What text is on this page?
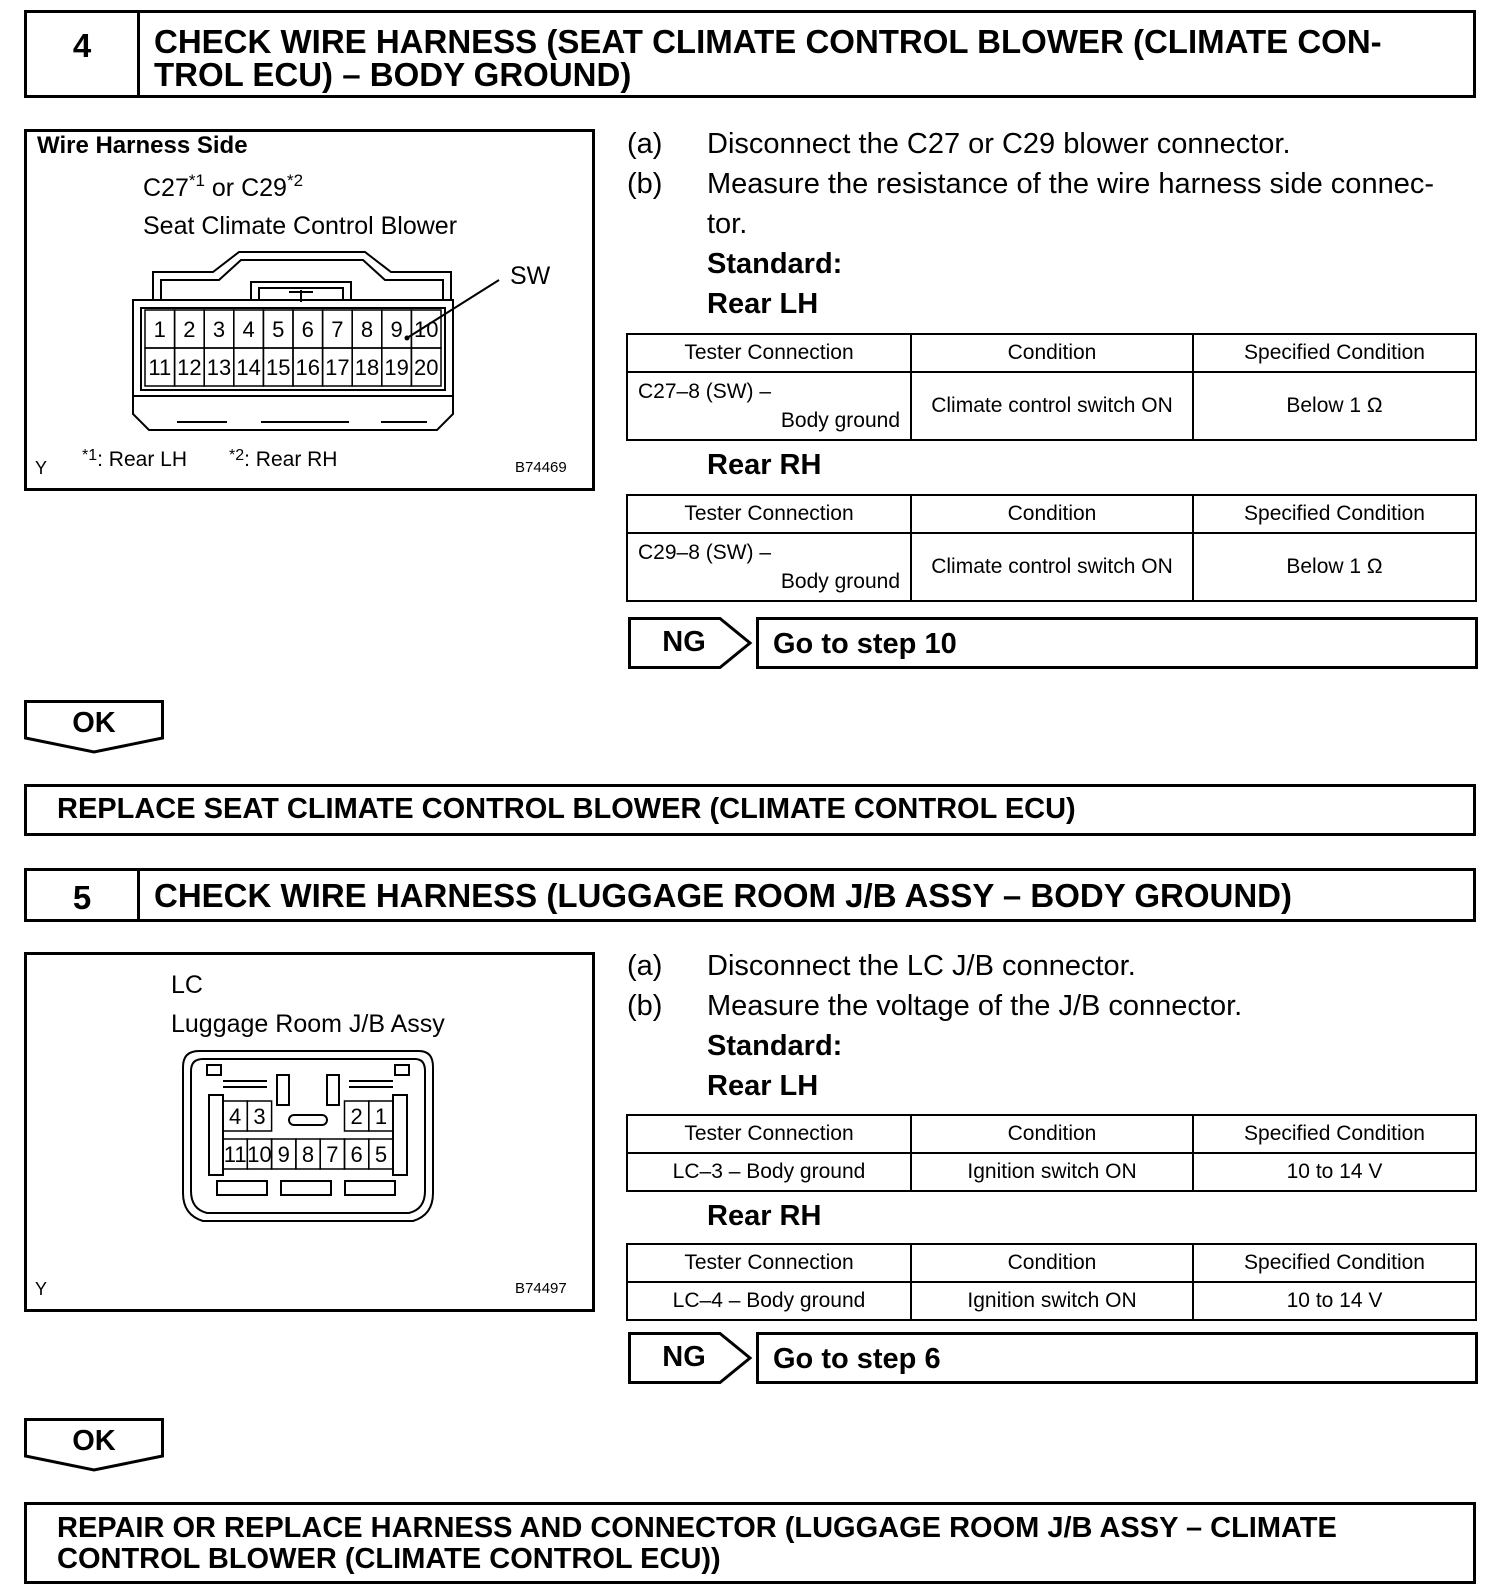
4	CHECK WIRE HARNESS (SEAT CLIMATE CONTROL BLOWER (CLIMATE CON-
TROL ECU) – BODY GROUND)
Wire Harness Side
C27$^{*1}$ or C29$^{*2}$
Seat Climate Control Blower
SW
1 2 3 4 5 6 7 8 9 10
11 12 13 14 15 16 17 18 19 20
Y
$^{*1}$: Rear LH	$^{*2}$: Rear RH	B74469
(a)	Disconnect the C27 or C29 blower connector.
(b)	Measure the resistance of the wire harness side connec-
tor.
Standard:
Rear LH
Tester Connection	Condition	Specified Condition

C27–8 (SW) –
Body ground	Climate control switch ON	Below 1 Ω
Rear RH
Tester Connection	Condition	Specified Condition

C29–8 (SW) –
Body ground	Climate control switch ON	Below 1 Ω
NG	Go to step 10
OK
REPLACE SEAT CLIMATE CONTROL BLOWER (CLIMATE CONTROL ECU)
5	CHECK WIRE HARNESS (LUGGAGE ROOM J/B ASSY – BODY GROUND)
LC
Luggage Room J/B Assy
4 3	2 1
11 10 9 8 7 6 5
Y	B74497
(a)	Disconnect the LC J/B connector.
(b)	Measure the voltage of the J/B connector.
Standard:
Rear LH
Tester Connection	Condition	Specified Condition
LC–3 – Body ground	Ignition switch ON	10 to 14 V
Rear RH
Tester Connection	Condition	Specified Condition
LC–4 – Body ground	Ignition switch ON	10 to 14 V
NG	Go to step 6
OK
REPAIR OR REPLACE HARNESS AND CONNECTOR (LUGGAGE ROOM J/B ASSY – CLIMATE
CONTROL BLOWER (CLIMATE CONTROL ECU))
